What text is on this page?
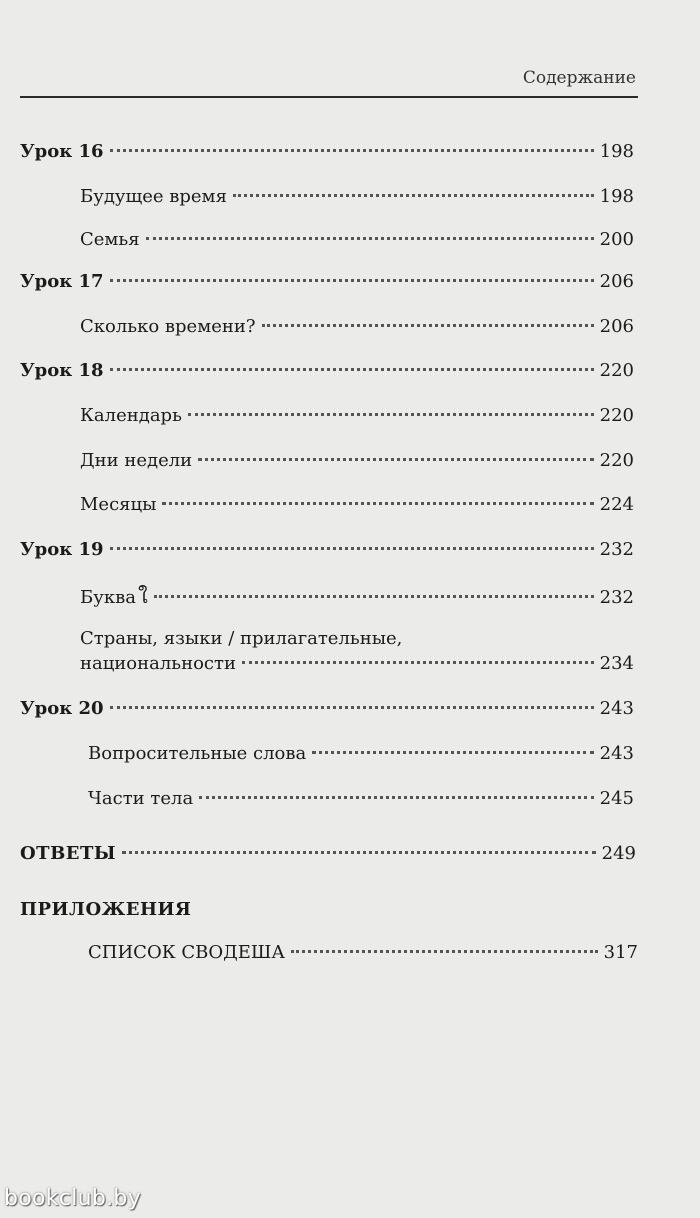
Содержание
Урок 16	198
Будущее время	198
Семья	200
Урок 17	206
Сколько времени?	206
Урок 18	220
Календарь	220
Дни недели	220
Месяцы	224
Урок 19	232
Буква ใ	232
Страны, языки / прилагательные,
национальности	234
Урок 20	243
Вопросительные слова	243
Части тела	245
ОТВЕТЫ	249
ПРИЛОЖЕНИЯ
СПИСОК СВОДЕША	317
bookclub.by
